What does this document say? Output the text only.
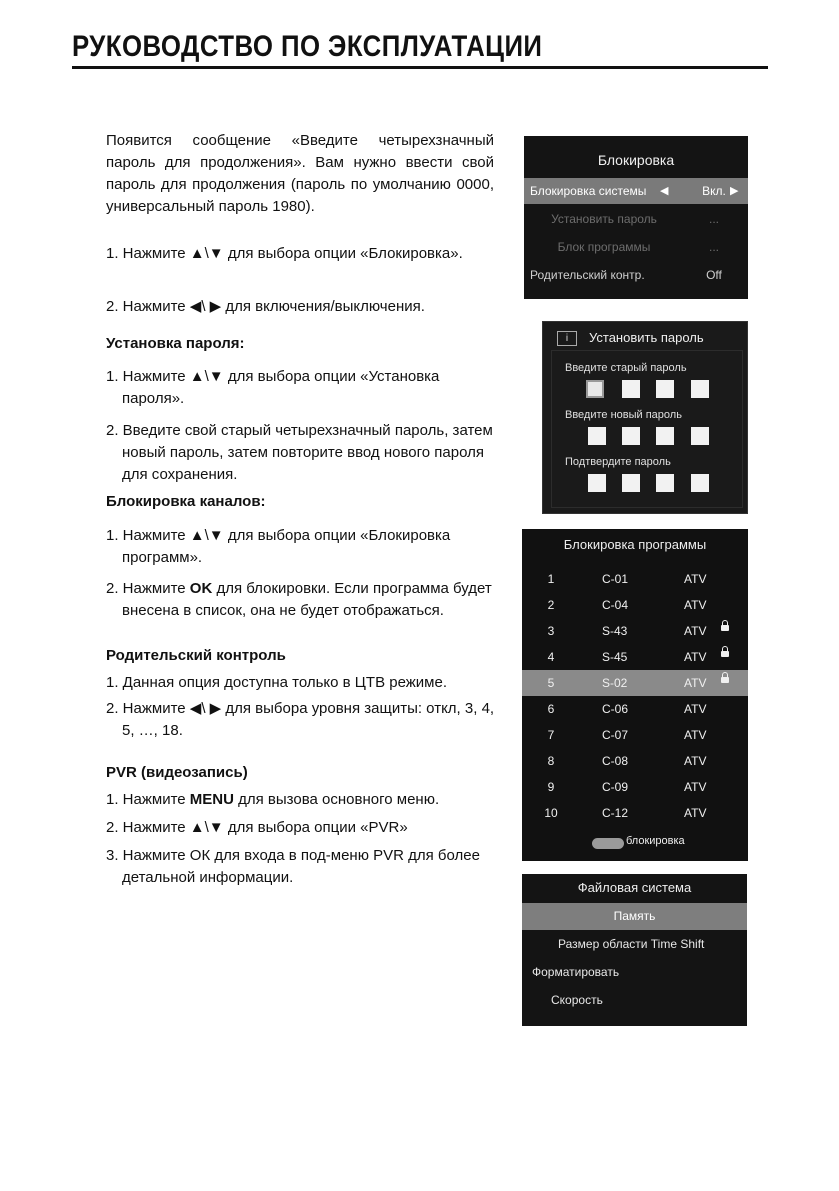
РУКОВОДСТВО ПО ЭКСПЛУАТАЦИИ
Появится сообщение «Введите четырехзначный пароль для продолжения». Вам нужно ввести свой пароль для продолжения (пароль по умолчанию 0000, универсальный пароль 1980).
1. Нажмите ▲\▼ для выбора опции «Блокировка».
2. Нажмите ◀\ ▶ для включения/выключения.
Установка пароля:
1. Нажмите ▲\▼ для выбора опции «Установка пароля».
2. Введите свой старый четырехзначный пароль, затем новый пароль, затем повторите ввод нового пароля для сохранения.
Блокировка каналов:
1. Нажмите ▲\▼ для выбора опции «Блокировка программ».
2. Нажмите OK для блокировки. Если программа будет внесена в список, она не будет отображаться.
Родительский контроль
1. Данная опция доступна только в ЦТВ режиме.
2. Нажмите ◀\ ▶ для выбора уровня защиты: откл, 3, 4, 5, …, 18.
PVR (видеозапись)
1. Нажмите MENU для вызова основного меню.
2. Нажмите ▲\▼ для выбора опции «PVR»
3. Нажмите ОК для входа в под-меню PVR для более детальной информации.
Блокировка
Блокировка системы ◀	Вкл. ▶
Установить пароль	...
Блок программы	...
Родительский контр.	Off
i	Установить пароль
Введите старый пароль
Введите новый пароль
Подтвердите пароль
Блокировка программы
1	C-01	ATV
2	C-04	ATV
3	S-43	ATV
4	S-45	ATV
5	S-02	ATV
6	C-06	ATV
7	C-07	ATV
8	C-08	ATV
9	C-09	ATV
10	C-12	ATV
блокировка
Файловая система
Память
Размер области Time Shift
Форматировать
Скорость
